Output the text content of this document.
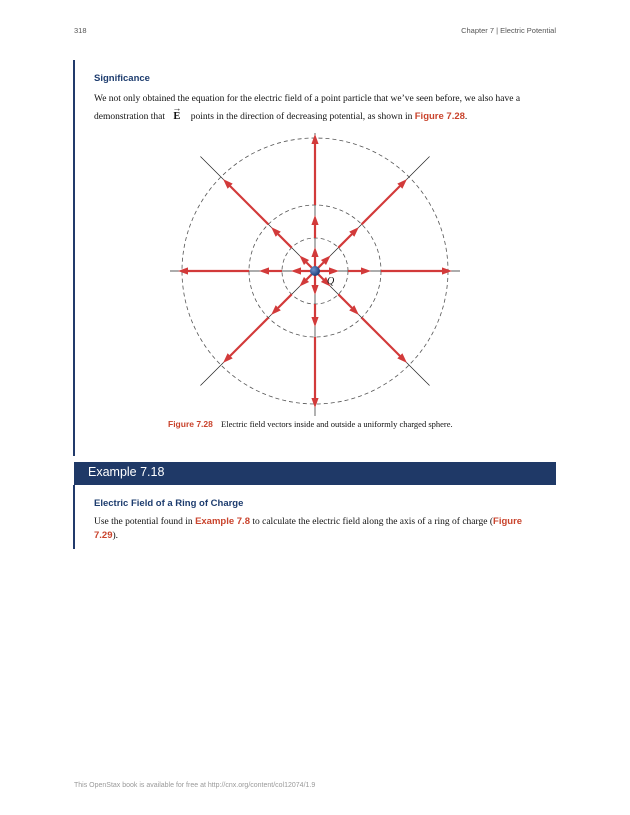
318	Chapter 7 | Electric Potential
Significance
We not only obtained the equation for the electric field of a point particle that we’ve seen before, we also have a demonstration that → E points in the direction of decreasing potential, as shown in Figure 7.28.
Q
Figure 7.28 Electric field vectors inside and outside a uniformly charged sphere.
Example 7.18
Electric Field of a Ring of Charge
Use the potential found in Example 7.8 to calculate the electric field along the axis of a ring of charge (Figure 7.29).
This OpenStax book is available for free at http://cnx.org/content/col12074/1.9
